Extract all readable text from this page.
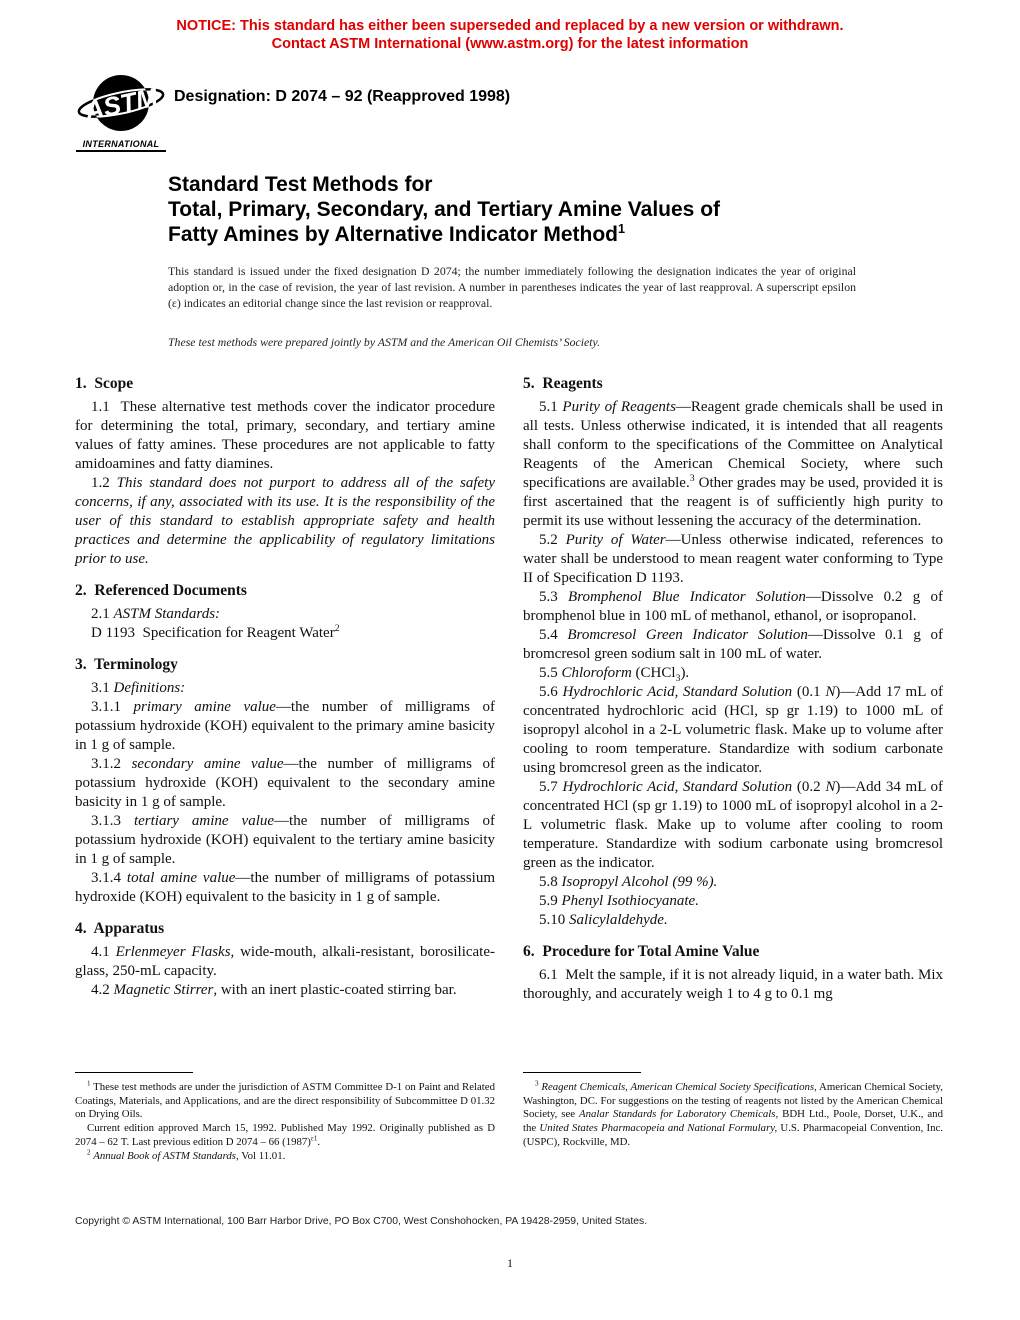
NOTICE: This standard has either been superseded and replaced by a new version or withdrawn.
Contact ASTM International (www.astm.org) for the latest information
ASTM
INTERNATIONAL
Designation: D 2074 – 92 (Reapproved 1998)
Standard Test Methods for
Total, Primary, Secondary, and Tertiary Amine Values of
Fatty Amines by Alternative Indicator Method$^1$
This standard is issued under the fixed designation D 2074; the number immediately following the designation indicates the year of original adoption or, in the case of revision, the year of last revision. A number in parentheses indicates the year of last reapproval. A superscript epsilon (ε) indicates an editorial change since the last revision or reapproval.
These test methods were prepared jointly by ASTM and the American Oil Chemists’ Society.

1.  Scope

1.1  These alternative test methods cover the indicator procedure for determining the total, primary, secondary, and tertiary amine values of fatty amines. These procedures are not applicable to fatty amidoamines and fatty diamines.

1.2 This standard does not purport to address all of the safety concerns, if any, associated with its use. It is the responsibility of the user of this standard to establish appropriate safety and health practices and determine the applicability of regulatory limitations prior to use.

2.  Referenced Documents

2.1 ASTM Standards:

D 1193  Specification for Reagent Water$^2$

3.  Terminology

3.1 Definitions:

3.1.1 primary amine value—the number of milligrams of potassium hydroxide (KOH) equivalent to the primary amine basicity in 1 g of sample.

3.1.2 secondary amine value—the number of milligrams of potassium hydroxide (KOH) equivalent to the secondary amine basicity in 1 g of sample.

3.1.3 tertiary amine value—the number of milligrams of potassium hydroxide (KOH) equivalent to the tertiary amine basicity in 1 g of sample.

3.1.4 total amine value—the number of milligrams of potassium hydroxide (KOH) equivalent to the basicity in 1 g of sample.

4.  Apparatus

4.1 Erlenmeyer Flasks, wide-mouth, alkali-resistant, borosilicate-glass, 250-mL capacity.

4.2 Magnetic Stirrer, with an inert plastic-coated stirring bar.

5.  Reagents

5.1 Purity of Reagents—Reagent grade chemicals shall be used in all tests. Unless otherwise indicated, it is intended that all reagents shall conform to the specifications of the Committee on Analytical Reagents of the American Chemical Society, where such specifications are available.$^3$ Other grades may be used, provided it is first ascertained that the reagent is of sufficiently high purity to permit its use without lessening the accuracy of the determination.

5.2 Purity of Water—Unless otherwise indicated, references to water shall be understood to mean reagent water conforming to Type II of Specification D 1193.

5.3 Bromphenol Blue Indicator Solution—Dissolve 0.2 g of bromphenol blue in 100 mL of methanol, ethanol, or isopropanol.

5.4 Bromcresol Green Indicator Solution—Dissolve 0.1 g of bromcresol green sodium salt in 100 mL of water.

5.5 Chloroform (CHCl$_3$).

5.6 Hydrochloric Acid, Standard Solution (0.1 N)—Add 17 mL of concentrated hydrochloric acid (HCl, sp gr 1.19) to 1000 mL of isopropyl alcohol in a 2-L volumetric flask. Make up to volume after cooling to room temperature. Standardize with sodium carbonate using bromcresol green as the indicator.

5.7 Hydrochloric Acid, Standard Solution (0.2 N)—Add 34 mL of concentrated HCl (sp gr 1.19) to 1000 mL of isopropyl alcohol in a 2-L volumetric flask. Make up to volume after cooling to room temperature. Standardize with sodium carbonate using bromcresol green as the indicator.

5.8 Isopropyl Alcohol (99 %).

5.9 Phenyl Isothiocyanate.

5.10 Salicylaldehyde.

6.  Procedure for Total Amine Value

6.1  Melt the sample, if it is not already liquid, in a water bath. Mix thoroughly, and accurately weigh 1 to 4 g to 0.1 mg

$^1$ These test methods are under the jurisdiction of ASTM Committee D-1 on Paint and Related Coatings, Materials, and Applications, and are the direct responsibility of Subcommittee D 01.32 on Drying Oils.

Current edition approved March 15, 1992. Published May 1992. Originally published as D 2074 – 62 T. Last previous edition D 2074 – 66 $(1987)^{\varepsilon 1}$.

$^2$ Annual Book of ASTM Standards, Vol 11.01.

$^3$ Reagent Chemicals, American Chemical Society Specifications, American Chemical Society, Washington, DC. For suggestions on the testing of reagents not listed by the American Chemical Society, see Analar Standards for Laboratory Chemicals, BDH Ltd., Poole, Dorset, U.K., and the United States Pharmacopeia and National Formulary, U.S. Pharmacopeial Convention, Inc. (USPC), Rockville, MD.

Copyright © ASTM International, 100 Barr Harbor Drive, PO Box C700, West Conshohocken, PA 19428-2959, United States.
1
